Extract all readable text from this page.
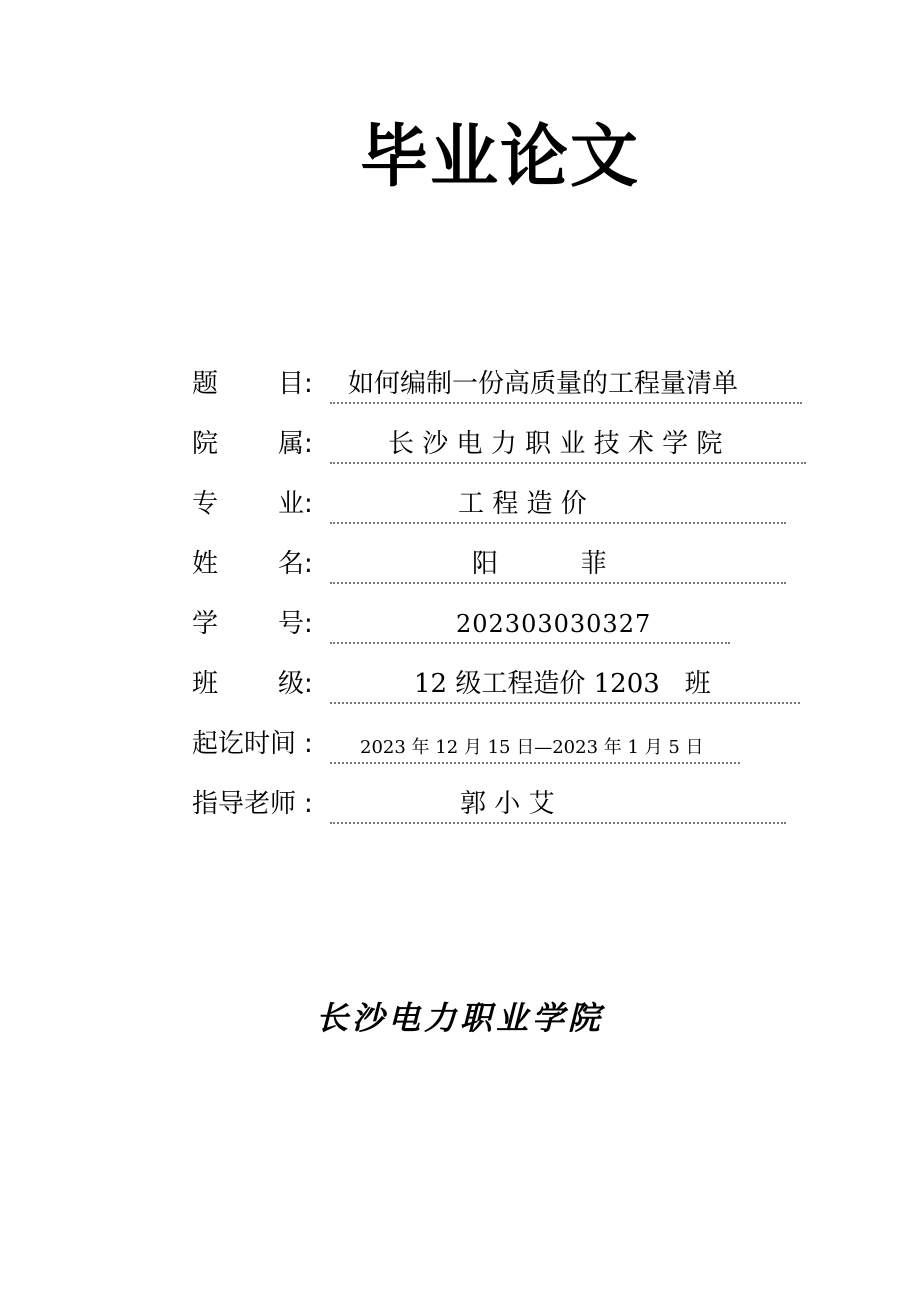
毕业论文
题 目 : 如何编制一份高质量的工程量清单
院 属 :	长 沙 电 力 职 业 技 术 学 院
专 业 :	工 程 造 价
姓 名 :	阳          菲
学 号 :	202303030327
班 级 :	12 级工程造价 1203   班
起讫时间 :	2023 年 12 月 15 日—2023 年 1 月 5 日
指导老师 :	郭 小 艾
长沙电力职业学院
